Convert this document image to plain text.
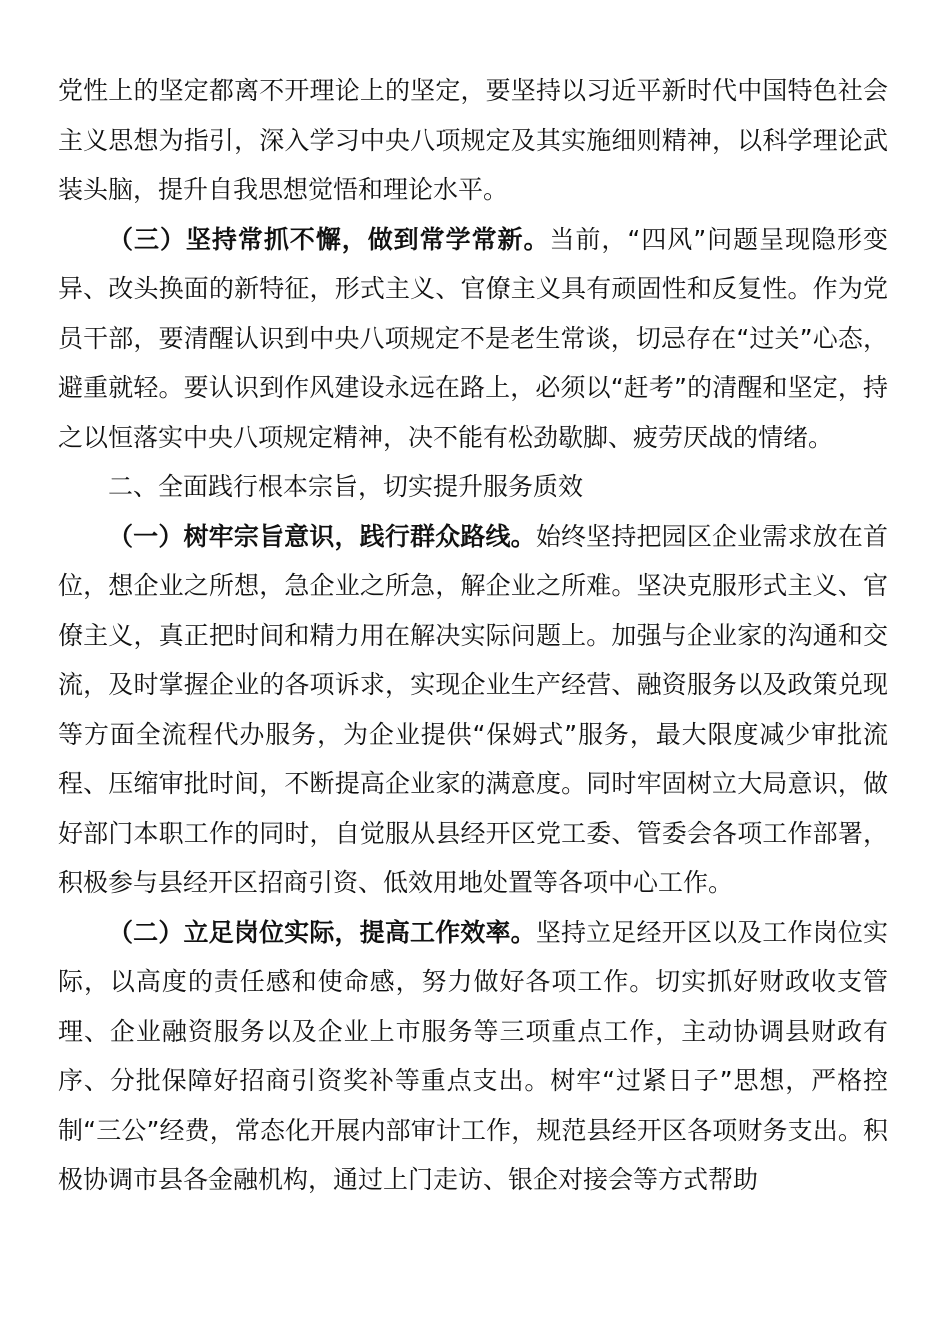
党性上的坚定都离不开理论上的坚定，要坚持以习近平新时代中国特色社会主义思想为指引，深入学习中央八项规定及其实施细则精神，以科学理论武装头脑，提升自我思想觉悟和理论水平。

（三）坚持常抓不懈，做到常学常新。当前，“四风”问题呈现隐形变异、改头换面的新特征，形式主义、官僚主义具有顽固性和反复性。作为党员干部，要清醒认识到中央八项规定不是老生常谈，切忌存在“过关”心态，避重就轻。要认识到作风建设永远在路上，必须以“赶考”的清醒和坚定，持之以恒落实中央八项规定精神，决不能有松劲歇脚、疲劳厌战的情绪。

二、全面践行根本宗旨，切实提升服务质效

（一）树牢宗旨意识，践行群众路线。始终坚持把园区企业需求放在首位，想企业之所想，急企业之所急，解企业之所难。坚决克服形式主义、官僚主义，真正把时间和精力用在解决实际问题上。加强与企业家的沟通和交流，及时掌握企业的各项诉求，实现企业生产经营、融资服务以及政策兑现等方面全流程代办服务，为企业提供“保姆式”服务，最大限度减少审批流程、压缩审批时间，不断提高企业家的满意度。同时牢固树立大局意识，做好部门本职工作的同时，自觉服从县经开区党工委、管委会各项工作部署，积极参与县经开区招商引资、低效用地处置等各项中心工作。

（二）立足岗位实际，提高工作效率。坚持立足经开区以及工作岗位实际，以高度的责任感和使命感，努力做好各项工作。切实抓好财政收支管理、企业融资服务以及企业上市服务等三项重点工作，主动协调县财政有序、分批保障好招商引资奖补等重点支出。树牢“过紧日子”思想，严格控制“三公”经费，常态化开展内部审计工作，规范县经开区各项财务支出。积极协调市县各金融机构，通过上门走访、银企对接会等方式帮助
